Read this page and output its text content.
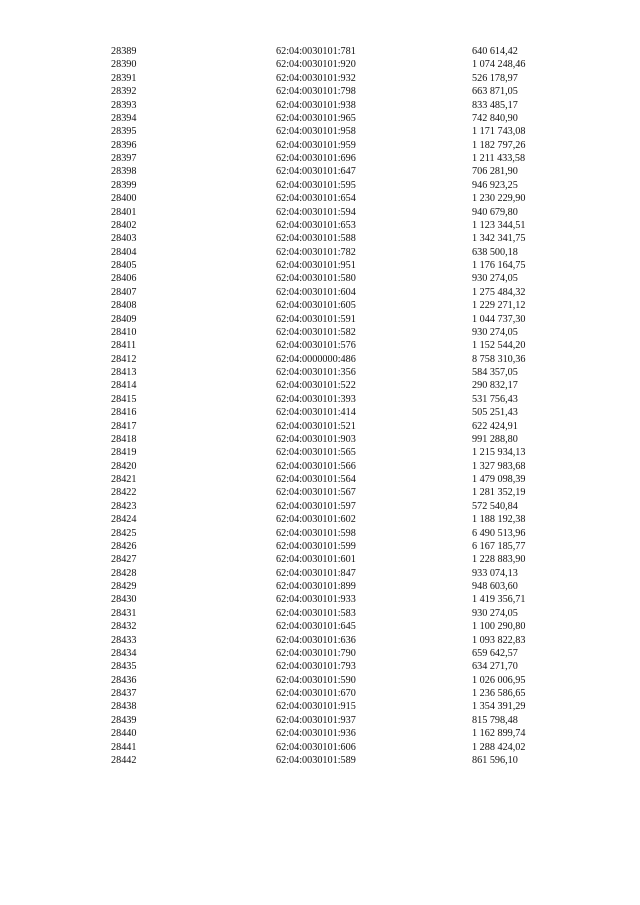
28389	62:04:0030101:781	640 614,42
28390	62:04:0030101:920	1 074 248,46
28391	62:04:0030101:932	526 178,97
28392	62:04:0030101:798	663 871,05
28393	62:04:0030101:938	833 485,17
28394	62:04:0030101:965	742 840,90
28395	62:04:0030101:958	1 171 743,08
28396	62:04:0030101:959	1 182 797,26
28397	62:04:0030101:696	1 211 433,58
28398	62:04:0030101:647	706 281,90
28399	62:04:0030101:595	946 923,25
28400	62:04:0030101:654	1 230 229,90
28401	62:04:0030101:594	940 679,80
28402	62:04:0030101:653	1 123 344,51
28403	62:04:0030101:588	1 342 341,75
28404	62:04:0030101:782	638 500,18
28405	62:04:0030101:951	1 176 164,75
28406	62:04:0030101:580	930 274,05
28407	62:04:0030101:604	1 275 484,32
28408	62:04:0030101:605	1 229 271,12
28409	62:04:0030101:591	1 044 737,30
28410	62:04:0030101:582	930 274,05
28411	62:04:0030101:576	1 152 544,20
28412	62:04:0000000:486	8 758 310,36
28413	62:04:0030101:356	584 357,05
28414	62:04:0030101:522	290 832,17
28415	62:04:0030101:393	531 756,43
28416	62:04:0030101:414	505 251,43
28417	62:04:0030101:521	622 424,91
28418	62:04:0030101:903	991 288,80
28419	62:04:0030101:565	1 215 934,13
28420	62:04:0030101:566	1 327 983,68
28421	62:04:0030101:564	1 479 098,39
28422	62:04:0030101:567	1 281 352,19
28423	62:04:0030101:597	572 540,84
28424	62:04:0030101:602	1 188 192,38
28425	62:04:0030101:598	6 490 513,96
28426	62:04:0030101:599	6 167 185,77
28427	62:04:0030101:601	1 228 883,90
28428	62:04:0030101:847	933 074,13
28429	62:04:0030101:899	948 603,60
28430	62:04:0030101:933	1 419 356,71
28431	62:04:0030101:583	930 274,05
28432	62:04:0030101:645	1 100 290,80
28433	62:04:0030101:636	1 093 822,83
28434	62:04:0030101:790	659 642,57
28435	62:04:0030101:793	634 271,70
28436	62:04:0030101:590	1 026 006,95
28437	62:04:0030101:670	1 236 586,65
28438	62:04:0030101:915	1 354 391,29
28439	62:04:0030101:937	815 798,48
28440	62:04:0030101:936	1 162 899,74
28441	62:04:0030101:606	1 288 424,02
28442	62:04:0030101:589	861 596,10
